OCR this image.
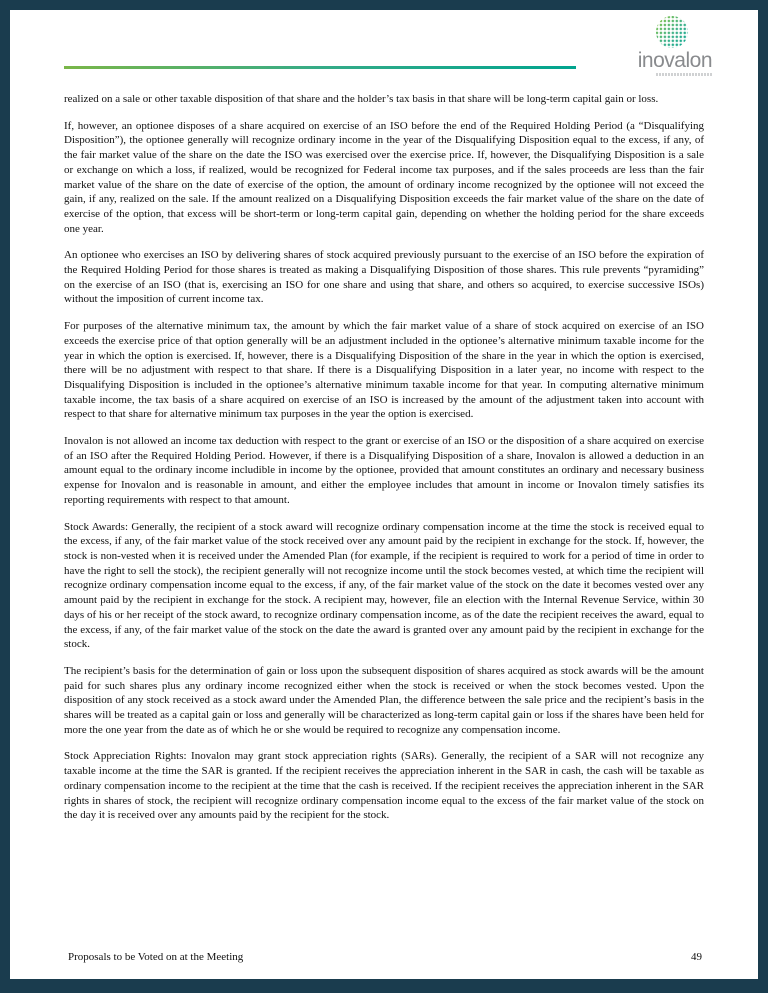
inovalon

realized on a sale or other taxable disposition of that share and the holder’s tax basis in that share will be long-term capital gain or loss.

If, however, an optionee disposes of a share acquired on exercise of an ISO before the end of the Required Holding Period (a “Disqualifying Disposition”), the optionee generally will recognize ordinary income in the year of the Disqualifying Disposition equal to the excess, if any, of the fair market value of the share on the date the ISO was exercised over the exercise price. If, however, the Disqualifying Disposition is a sale or exchange on which a loss, if realized, would be recognized for Federal income tax purposes, and if the sales proceeds are less than the fair market value of the share on the date of exercise of the option, the amount of ordinary income recognized by the optionee will not exceed the gain, if any, realized on the sale. If the amount realized on a Disqualifying Disposition exceeds the fair market value of the share on the date of exercise of the option, that excess will be short-term or long-term capital gain, depending on whether the holding period for the share exceeds one year.

An optionee who exercises an ISO by delivering shares of stock acquired previously pursuant to the exercise of an ISO before the expiration of the Required Holding Period for those shares is treated as making a Disqualifying Disposition of those shares. This rule prevents “pyramiding” on the exercise of an ISO (that is, exercising an ISO for one share and using that share, and others so acquired, to exercise successive ISOs) without the imposition of current income tax.

For purposes of the alternative minimum tax, the amount by which the fair market value of a share of stock acquired on exercise of an ISO exceeds the exercise price of that option generally will be an adjustment included in the optionee’s alternative minimum taxable income for the year in which the option is exercised. If, however, there is a Disqualifying Disposition of the share in the year in which the option is exercised, there will be no adjustment with respect to that share. If there is a Disqualifying Disposition in a later year, no income with respect to the Disqualifying Disposition is included in the optionee’s alternative minimum taxable income for that year. In computing alternative minimum taxable income, the tax basis of a share acquired on exercise of an ISO is increased by the amount of the adjustment taken into account with respect to that share for alternative minimum tax purposes in the year the option is exercised.

Inovalon is not allowed an income tax deduction with respect to the grant or exercise of an ISO or the disposition of a share acquired on exercise of an ISO after the Required Holding Period. However, if there is a Disqualifying Disposition of a share, Inovalon is allowed a deduction in an amount equal to the ordinary income includible in income by the optionee, provided that amount constitutes an ordinary and necessary business expense for Inovalon and is reasonable in amount, and either the employee includes that amount in income or Inovalon timely satisfies its reporting requirements with respect to that amount.

Stock Awards: Generally, the recipient of a stock award will recognize ordinary compensation income at the time the stock is received equal to the excess, if any, of the fair market value of the stock received over any amount paid by the recipient in exchange for the stock. If, however, the stock is non-vested when it is received under the Amended Plan (for example, if the recipient is required to work for a period of time in order to have the right to sell the stock), the recipient generally will not recognize income until the stock becomes vested, at which time the recipient will recognize ordinary compensation income equal to the excess, if any, of the fair market value of the stock on the date it becomes vested over any amount paid by the recipient in exchange for the stock. A recipient may, however, file an election with the Internal Revenue Service, within 30 days of his or her receipt of the stock award, to recognize ordinary compensation income, as of the date the recipient receives the award, equal to the excess, if any, of the fair market value of the stock on the date the award is granted over any amount paid by the recipient in exchange for the stock.

The recipient’s basis for the determination of gain or loss upon the subsequent disposition of shares acquired as stock awards will be the amount paid for such shares plus any ordinary income recognized either when the stock is received or when the stock becomes vested. Upon the disposition of any stock received as a stock award under the Amended Plan, the difference between the sale price and the recipient’s basis in the shares will be treated as a capital gain or loss and generally will be characterized as long-term capital gain or loss if the shares have been held for more the one year from the date as of which he or she would be required to recognize any compensation income.

Stock Appreciation Rights: Inovalon may grant stock appreciation rights (SARs). Generally, the recipient of a SAR will not recognize any taxable income at the time the SAR is granted. If the recipient receives the appreciation inherent in the SAR in cash, the cash will be taxable as ordinary compensation income to the recipient at the time that the cash is received. If the recipient receives the appreciation inherent in the SAR rights in shares of stock, the recipient will recognize ordinary compensation income equal to the excess of the fair market value of the stock on the day it is received over any amounts paid by the recipient for the stock.

Proposals to be Voted on at the Meeting	49
